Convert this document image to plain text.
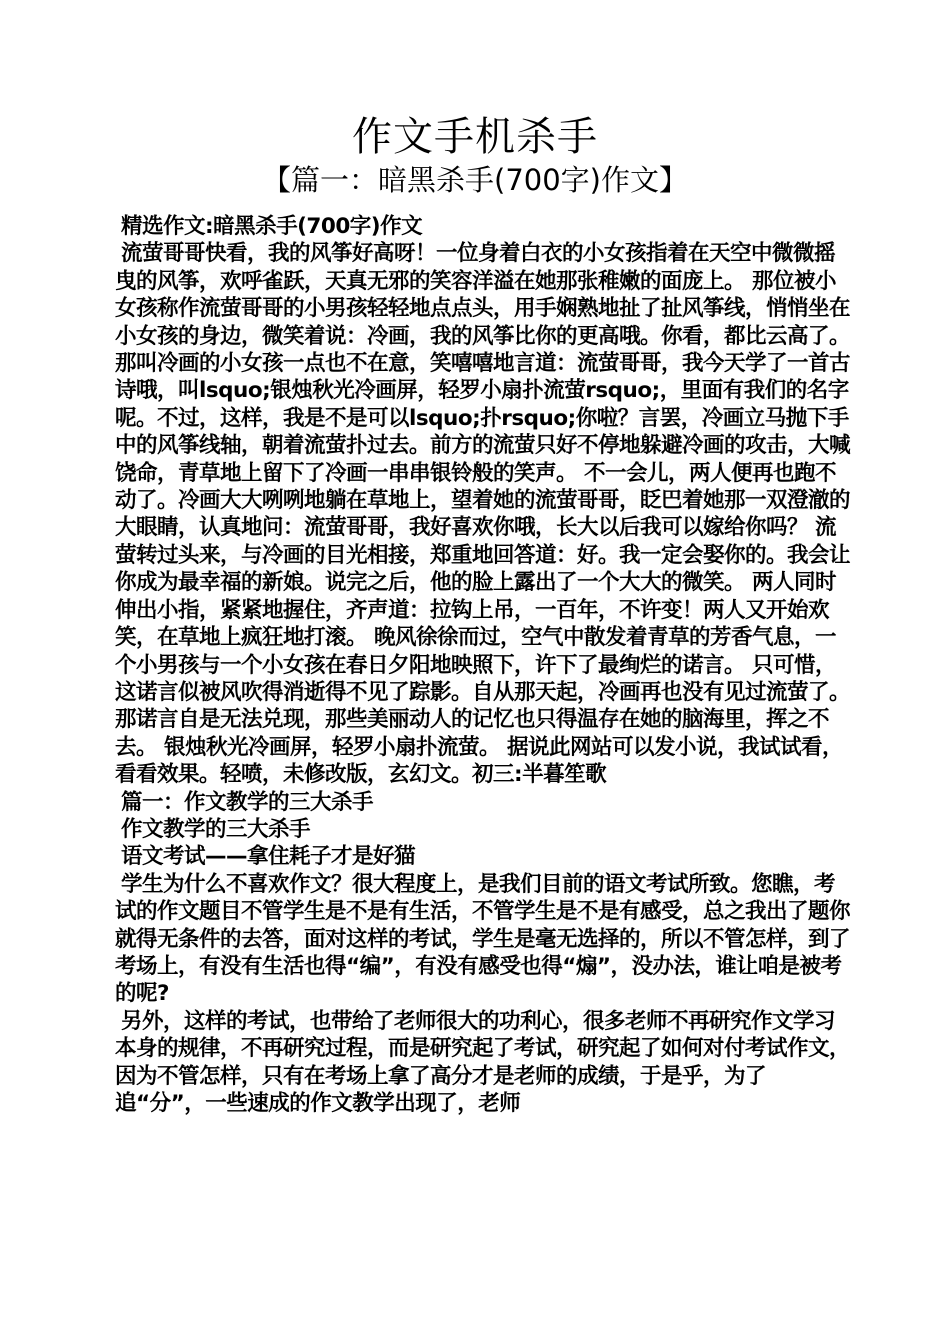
作文手机杀手
【篇一：暗黑杀手(700字)作文】

精选作文:暗黑杀手(700字)作文

流萤哥哥快看，我的风筝好高呀！一位身着白衣的小女孩指着在天空中微微摇曳的风筝，欢呼雀跃，天真无邪的笑容洋溢在她那张稚嫩的面庞上。 那位被小女孩称作流萤哥哥的小男孩轻轻地点点头，用手娴熟地扯了扯风筝线，悄悄坐在小女孩的身边，微笑着说：冷画，我的风筝比你的更高哦。你看，都比云高了。 那叫冷画的小女孩一点也不在意，笑嘻嘻地言道：流萤哥哥，我今天学了一首古诗哦，叫lsquo;银烛秋光冷画屏，轻罗小扇扑流萤rsquo;，里面有我们的名字呢。不过，这样，我是不是可以lsquo;扑rsquo;你啦？言罢，冷画立马抛下手中的风筝线轴，朝着流萤扑过去。前方的流萤只好不停地躲避冷画的攻击，大喊饶命，青草地上留下了冷画一串串银铃般的笑声。 不一会儿，两人便再也跑不动了。冷画大大咧咧地躺在草地上，望着她的流萤哥哥，眨巴着她那一双澄澈的大眼睛，认真地问：流萤哥哥，我好喜欢你哦，长大以后我可以嫁给你吗？ 流萤转过头来，与冷画的目光相接，郑重地回答道：好。我一定会娶你的。我会让你成为最幸福的新娘。说完之后，他的脸上露出了一个大大的微笑。 两人同时伸出小指，紧紧地握住，齐声道：拉钩上吊，一百年，不许变！两人又开始欢笑，在草地上疯狂地打滚。 晚风徐徐而过，空气中散发着青草的芳香气息，一个小男孩与一个小女孩在春日夕阳地映照下，许下了最绚烂的诺言。 只可惜，这诺言似被风吹得消逝得不见了踪影。自从那天起，冷画再也没有见过流萤了。那诺言自是无法兑现，那些美丽动人的记忆也只得温存在她的脑海里，挥之不去。 银烛秋光冷画屏，轻罗小扇扑流萤。 据说此网站可以发小说，我试试看，看看效果。轻喷，未修改版，玄幻文。初三:半暮笙歌

篇一：作文教学的三大杀手

作文教学的三大杀手

语文考试——拿住耗子才是好猫

学生为什么不喜欢作文？很大程度上，是我们目前的语文考试所致。您瞧，考试的作文题目不管学生是不是有生活，不管学生是不是有感受，总之我出了题你就得无条件的去答，面对这样的考试，学生是毫无选择的，所以不管怎样，到了考场上，有没有生活也得“编”，有没有感受也得“煽”，没办法，谁让咱是被考的呢?

另外，这样的考试，也带给了老师很大的功利心，很多老师不再研究作文学习本身的规律，不再研究过程，而是研究起了考试，研究起了如何对付考试作文，因为不管怎样，只有在考场上拿了高分才是老师的成绩，于是乎，为了追“分”，一些速成的作文教学出现了，老师
